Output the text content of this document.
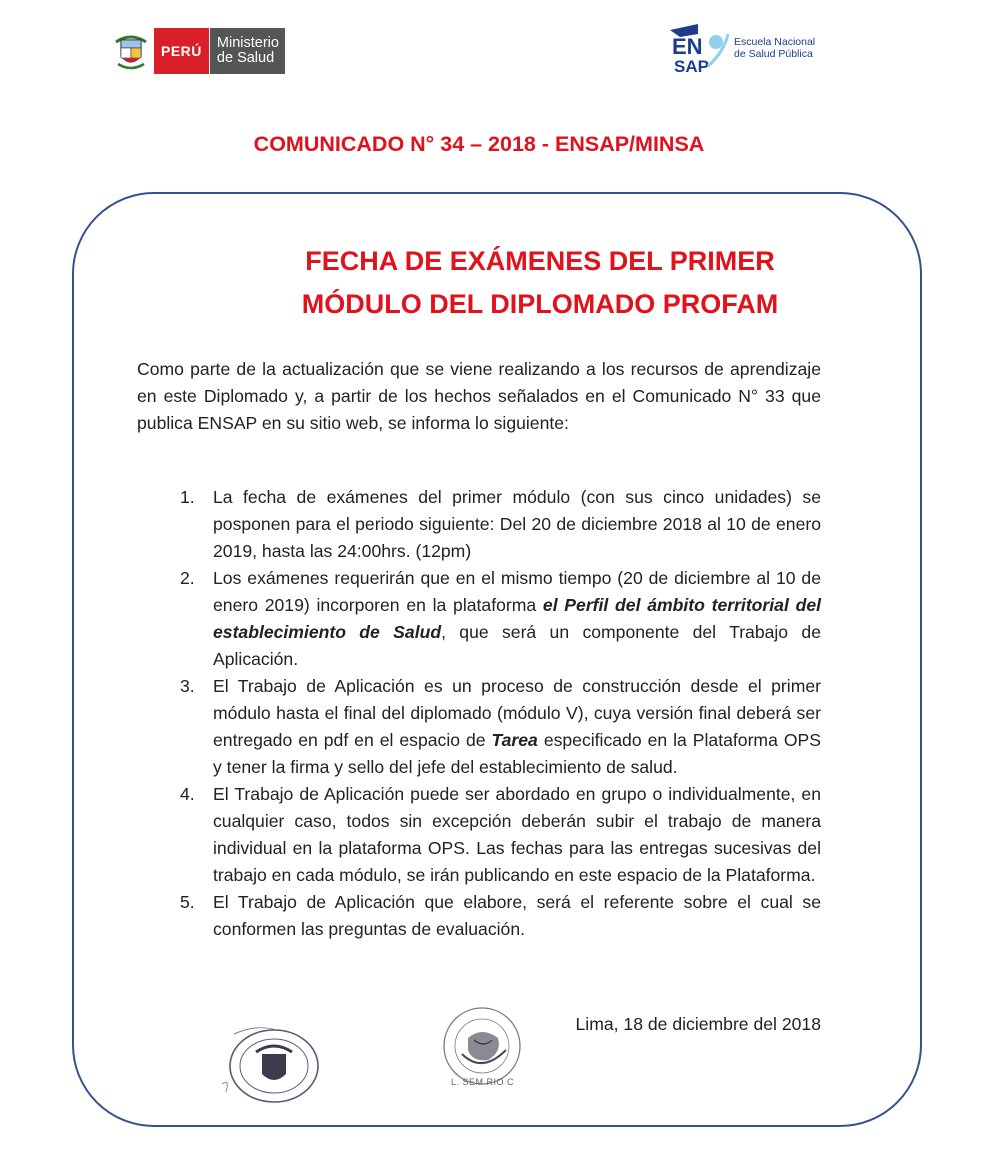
PERÚ	Ministerio
de Salud	EN
SAP
Escuela Nacional
de Salud Pública
COMUNICADO N° 34 – 2018 - ENSAP/MINSA
FECHA DE EXÁMENES DEL PRIMER
MÓDULO DEL DIPLOMADO PROFAM
Como parte de la actualización que se viene realizando a los recursos de aprendizaje en este Diplomado y, a partir de los hechos señalados en el Comunicado N° 33 que publica ENSAP en su sitio web, se informa lo siguiente:
1.	La fecha de exámenes del primer módulo (con sus cinco unidades) se posponen para el periodo siguiente: Del 20 de diciembre 2018 al 10 de enero 2019, hasta las 24:00hrs. (12pm)
2.	Los exámenes requerirán que en el mismo tiempo (20 de diciembre al 10 de enero 2019) incorporen en la plataforma el Perfil del ámbito territorial del establecimiento de Salud, que será un componente del Trabajo de Aplicación.
3.	El Trabajo de Aplicación es un proceso de construcción desde el primer módulo hasta el final del diplomado (módulo V), cuya versión final deberá ser entregado en pdf en el espacio de Tarea especificado en la Plataforma OPS y tener la firma y sello del jefe del establecimiento de salud.
4.	El Trabajo de Aplicación puede ser abordado en grupo o individualmente, en cualquier caso, todos sin excepción deberán subir el trabajo de manera individual en la plataforma OPS. Las fechas para las entregas sucesivas del trabajo en cada módulo, se irán publicando en este espacio de la Plataforma.
5.	El Trabajo de Aplicación que elabore, será el referente sobre el cual se conformen las preguntas de evaluación.
Lima, 18 de diciembre del 2018
L. SEM RIO C
